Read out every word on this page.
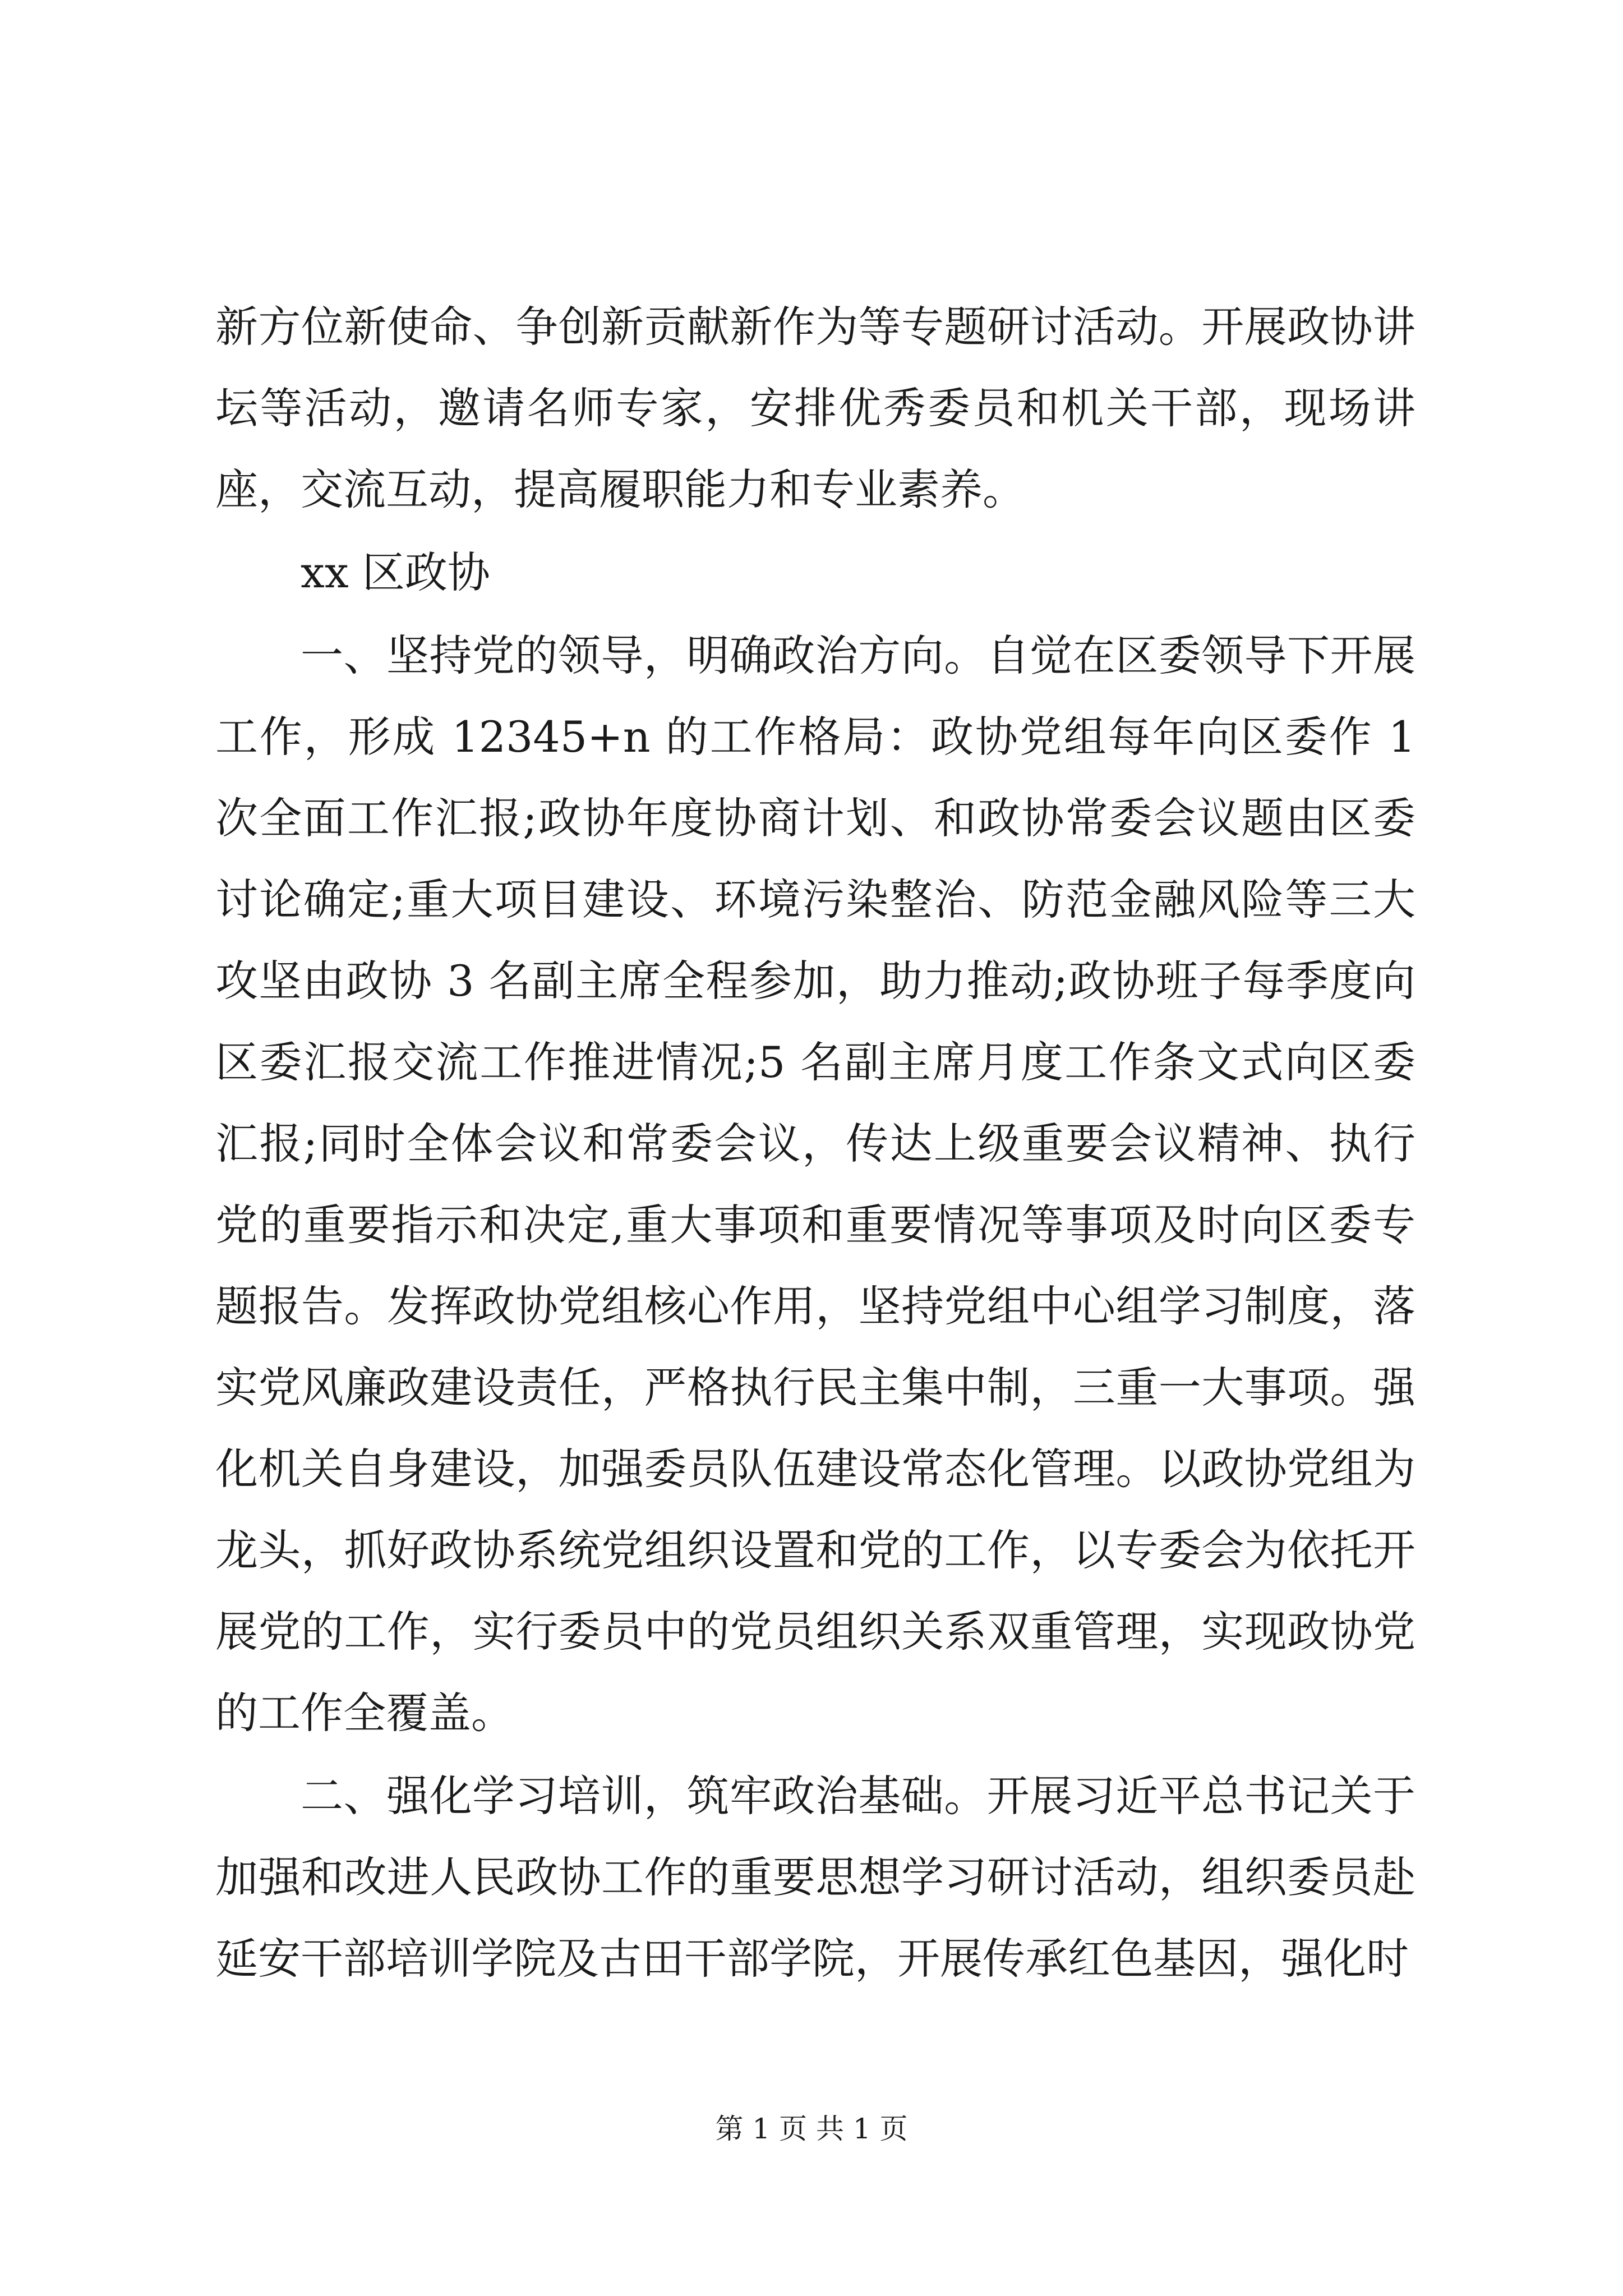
新方位新使命、争创新贡献新作为等专题研讨活动。开展政协讲坛等活动，邀请名师专家，安排优秀委员和机关干部，现场讲座，交流互动，提高履职能力和专业素养。

xx 区政协

一、坚持党的领导，明确政治方向。自觉在区委领导下开展工作，形成 12345+n 的工作格局：政协党组每年向区委作 1 次全面工作汇报;政协年度协商计划、和政协常委会议题由区委讨论确定;重大项目建设、环境污染整治、防范金融风险等三大攻坚由政协 3 名副主席全程参加，助力推动;政协班子每季度向区委汇报交流工作推进情况;5 名副主席月度工作条文式向区委汇报;同时全体会议和常委会议，传达上级重要会议精神、执行党的重要指示和决定,重大事项和重要情况等事项及时向区委专题报告。发挥政协党组核心作用，坚持党组中心组学习制度，落实党风廉政建设责任，严格执行民主集中制，三重一大事项。强化机关自身建设，加强委员队伍建设常态化管理。以政协党组为龙头，抓好政协系统党组织设置和党的工作，以专委会为依托开展党的工作，实行委员中的党员组织关系双重管理，实现政协党的工作全覆盖。

二、强化学习培训，筑牢政治基础。开展习近平总书记关于加强和改进人民政协工作的重要思想学习研讨活动，组织委员赴延安干部培训学院及古田干部学院，开展传承红色基因，强化时

第 1 页 共 1 页
